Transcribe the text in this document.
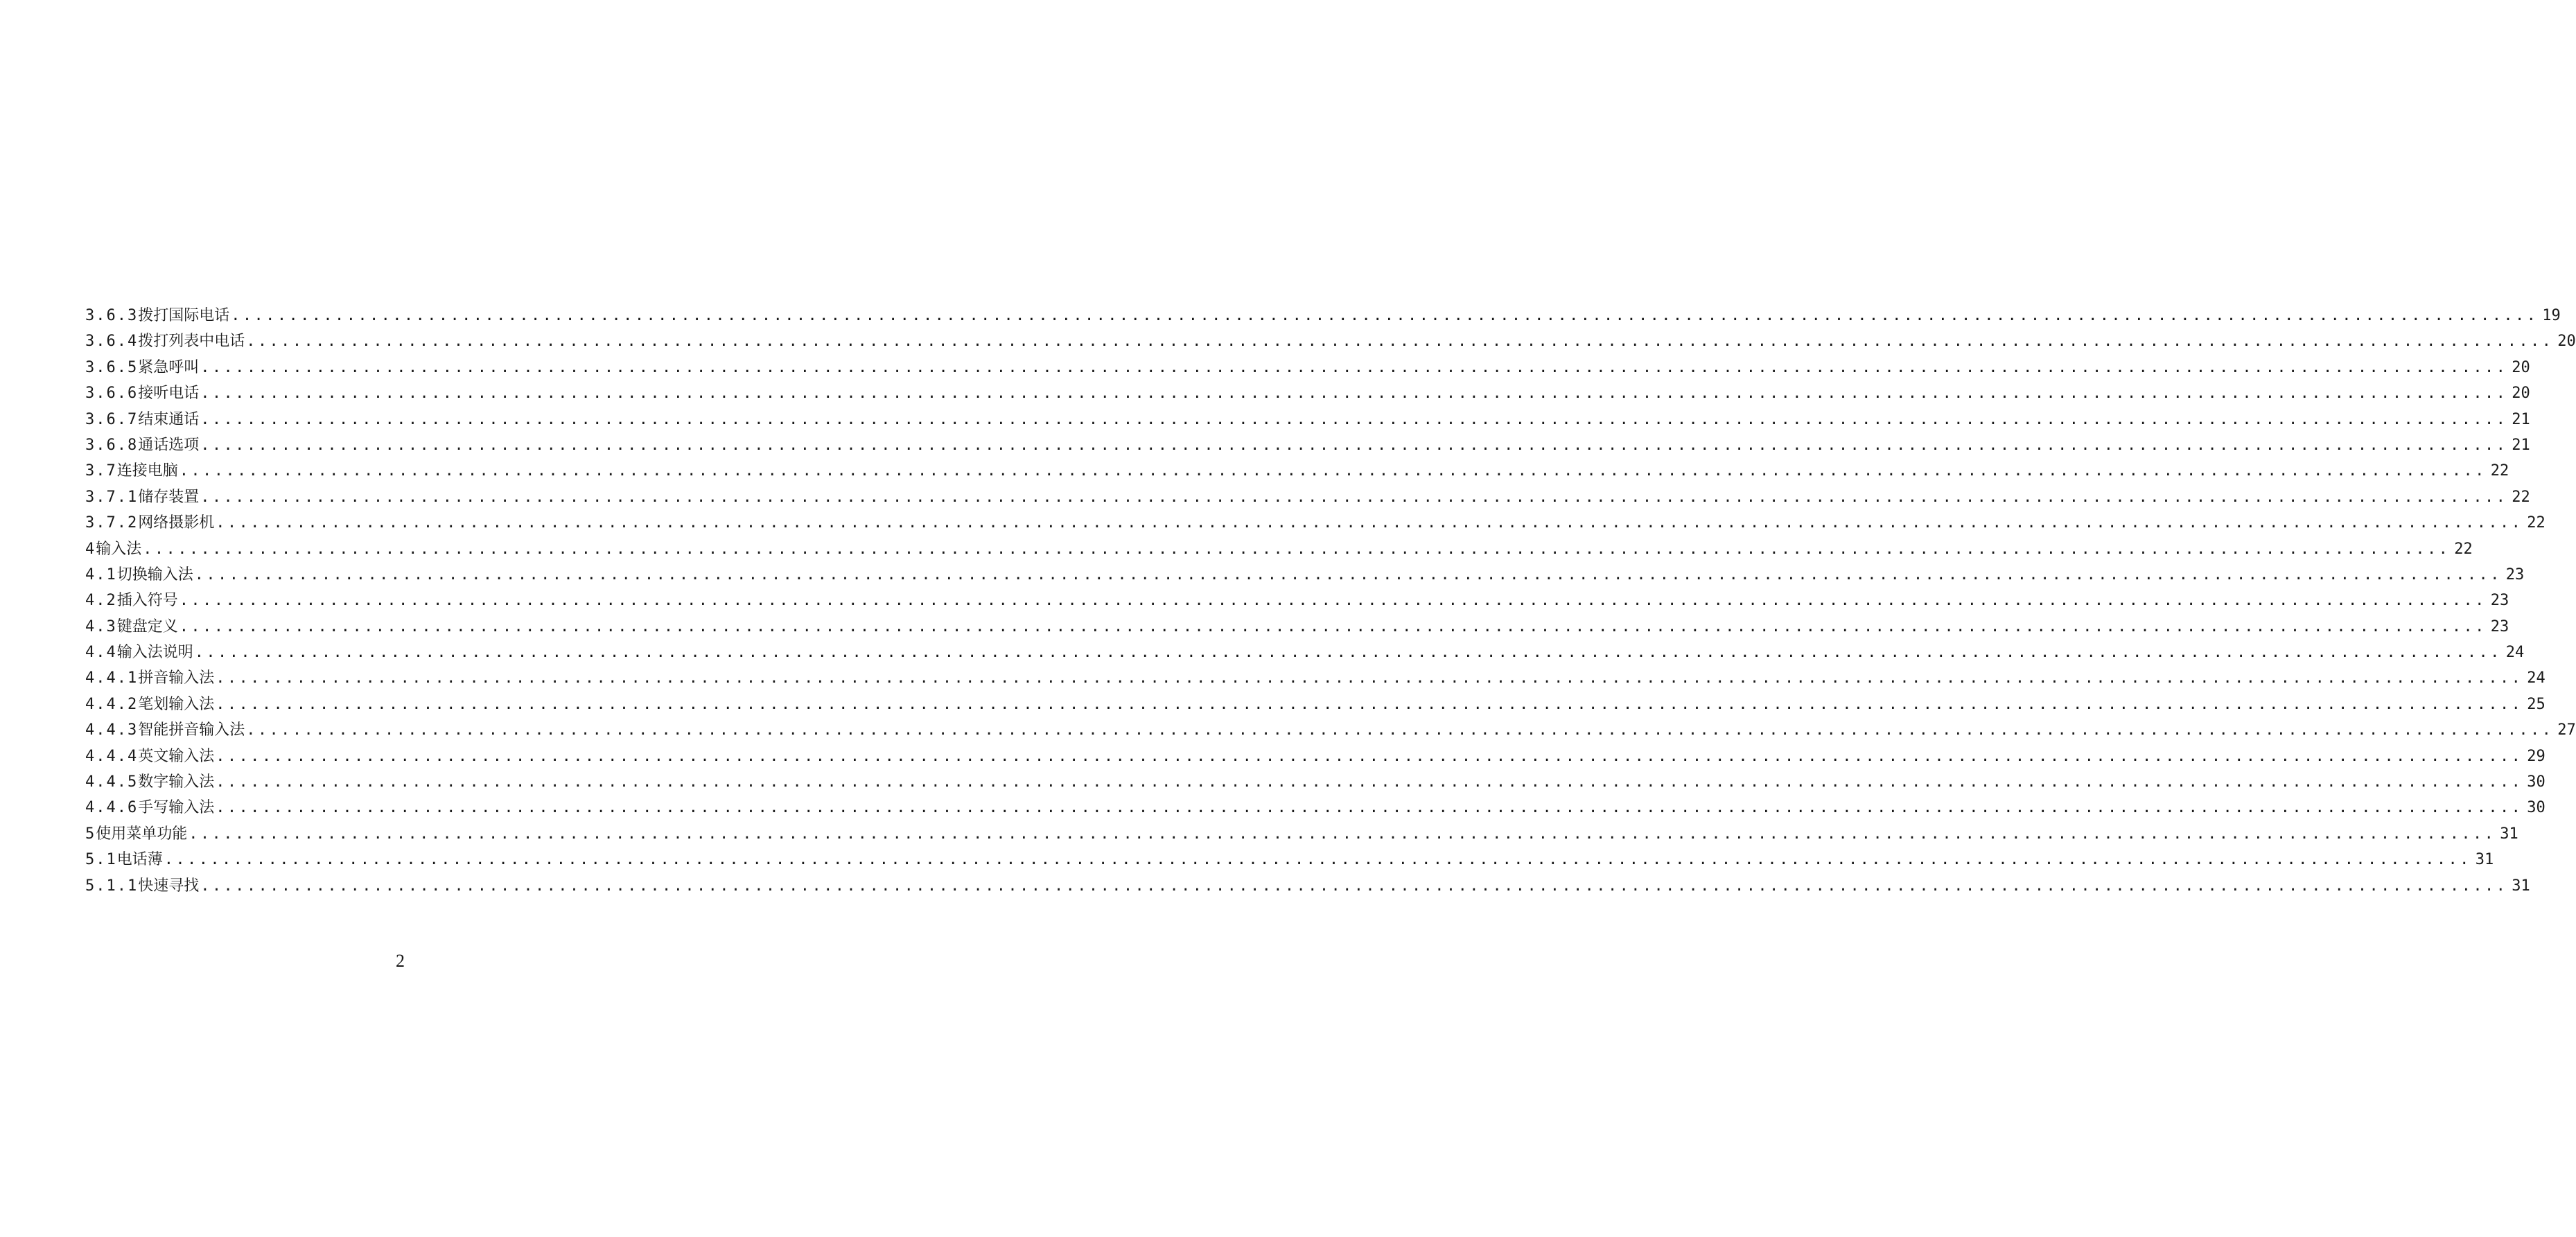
3.6.3 拨打国际电话 ........................................................................................................................................................................................................ 19
3.6.4 拨打列表中电话 ........................................................................................................................................................................................................ 20
3.6.5 紧急呼叫 ........................................................................................................................................................................................................ 20
3.6.6 接听电话 ........................................................................................................................................................................................................ 20
3.6.7 结束通话 ........................................................................................................................................................................................................ 21
3.6.8 通话选项 ........................................................................................................................................................................................................ 21
3.7 连接电脑 ........................................................................................................................................................................................................ 22
3.7.1 储存装置 ........................................................................................................................................................................................................ 22
3.7.2 网络摄影机 ........................................................................................................................................................................................................ 22
4 输入法 ........................................................................................................................................................................................................ 22
4.1 切换输入法 ........................................................................................................................................................................................................ 23
4.2 插入符号 ........................................................................................................................................................................................................ 23
4.3 键盘定义 ........................................................................................................................................................................................................ 23
4.4 输入法说明 ........................................................................................................................................................................................................ 24
4.4.1 拼音输入法 ........................................................................................................................................................................................................ 24
4.4.2 笔划输入法 ........................................................................................................................................................................................................ 25
4.4.3 智能拼音输入法 ........................................................................................................................................................................................................ 27
4.4.4 英文输入法 ........................................................................................................................................................................................................ 29
4.4.5 数字输入法 ........................................................................................................................................................................................................ 30
4.4.6 手写输入法 ........................................................................................................................................................................................................ 30
5 使用菜单功能 ........................................................................................................................................................................................................ 31
5.1 电话薄 ........................................................................................................................................................................................................ 31
5.1.1 快速寻找 ........................................................................................................................................................................................................ 31
2
